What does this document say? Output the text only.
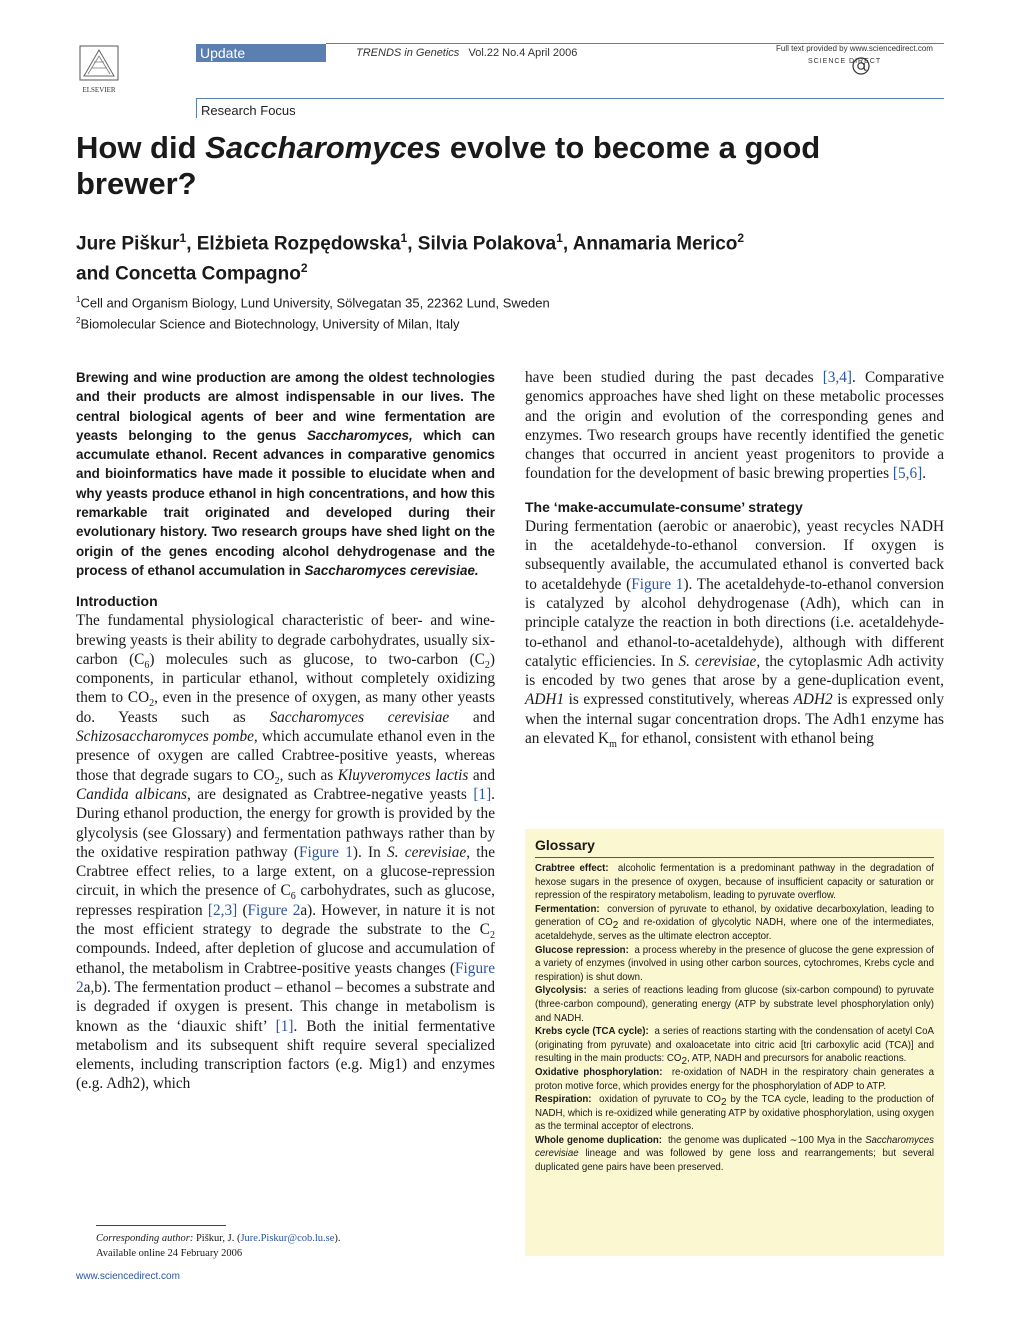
ELSEVIER
Update	TRENDS in Genetics Vol.22 No.4 April 2006	Full text provided by www.sciencedirect.com
SCIENCE DIRECT
Research Focus
How did Saccharomyces evolve to become a good brewer?
Jure Piškur$^1$, Elżbieta Rozpędowska$^1$, Silvia Polakova$^1$, Annamaria Merico$^2$
and Concetta Compagno$^2$
$^1$Cell and Organism Biology, Lund University, Sölvegatan 35, 22362 Lund, Sweden
$^2$Biomolecular Science and Biotechnology, University of Milan, Italy

Brewing and wine production are among the oldest technologies and their products are almost indispensable in our lives. The central biological agents of beer and wine fermentation are yeasts belonging to the genus Saccharomyces, which can accumulate ethanol. Recent advances in comparative genomics and bioinformatics have made it possible to elucidate when and why yeasts produce ethanol in high concentrations, and how this remarkable trait originated and developed during their evolutionary history. Two research groups have shed light on the origin of the genes encoding alcohol dehydrogenase and the process of ethanol accumulation in Saccharomyces cerevisiae.

Introduction

The fundamental physiological characteristic of beer- and wine-brewing yeasts is their ability to degrade carbohydrates, usually six-carbon $(C_6)$ molecules such as glucose, to two-carbon $(C_2)$ components, in particular ethanol, without completely oxidizing them to $CO_2$, even in the presence of oxygen, as many other yeasts do. Yeasts such as Saccharomyces cerevisiae and Schizosaccharomyces pombe, which accumulate ethanol even in the presence of oxygen are called Crabtree-positive yeasts, whereas those that degrade sugars to $CO_2$, such as Kluyveromyces lactis and Candida albicans, are designated as Crabtree-negative yeasts [1]. During ethanol production, the energy for growth is provided by the glycolysis (see Glossary) and fermentation pathways rather than by the oxidative respiration pathway (Figure 1). In S. cerevisiae, the Crabtree effect relies, to a large extent, on a glucose-repression circuit, in which the presence of $C_6$ carbohydrates, such as glucose, represses respiration [2,3] (Figure 2a). However, in nature it is not the most efficient strategy to degrade the substrate to the $C_2$ compounds. Indeed, after depletion of glucose and accumulation of ethanol, the metabolism in Crabtree-positive yeasts changes (Figure 2a,b). The fermentation product – ethanol – becomes a substrate and is degraded if oxygen is present. This change in metabolism is known as the ‘diauxic shift’ [1]. Both the initial fermentative metabolism and its subsequent shift require several specialized elements, including transcription factors (e.g. Mig1) and enzymes (e.g. Adh2), which

have been studied during the past decades [3,4]. Comparative genomics approaches have shed light on these metabolic processes and the origin and evolution of the corresponding genes and enzymes. Two research groups have recently identified the genetic changes that occurred in ancient yeast progenitors to provide a foundation for the development of basic brewing properties [5,6].

The ‘make-accumulate-consume’ strategy

During fermentation (aerobic or anaerobic), yeast recycles NADH in the acetaldehyde-to-ethanol conversion. If oxygen is subsequently available, the accumulated ethanol is converted back to acetaldehyde (Figure 1). The acetaldehyde-to-ethanol conversion is catalyzed by alcohol dehydrogenase (Adh), which can in principle catalyze the reaction in both directions (i.e. acetaldehyde-to-ethanol and ethanol-to-acetaldehyde), although with different catalytic efficiencies. In S. cerevisiae, the cytoplasmic Adh activity is encoded by two genes that arose by a gene-duplication event, ADH1 is expressed constitutively, whereas ADH2 is expressed only when the internal sugar concentration drops. The Adh1 enzyme has an elevated $K_m$ for ethanol, consistent with ethanol being

Glossary

Crabtree effect: alcoholic fermentation is a predominant pathway in the degradation of hexose sugars in the presence of oxygen, because of insufficient capacity or saturation or repression of the respiratory metabolism, leading to pyruvate overflow.

Fermentation: conversion of pyruvate to ethanol, by oxidative decarboxylation, leading to generation of $CO_2$ and re-oxidation of glycolytic NADH, where one of the intermediates, acetaldehyde, serves as the ultimate electron acceptor.

Glucose repression: a process whereby in the presence of glucose the gene expression of a variety of enzymes (involved in using other carbon sources, cytochromes, Krebs cycle and respiration) is shut down.

Glycolysis: a series of reactions leading from glucose (six-carbon compound) to pyruvate (three-carbon compound), generating energy (ATP by substrate level phosphorylation only) and NADH.

Krebs cycle (TCA cycle): a series of reactions starting with the condensation of acetyl CoA (originating from pyruvate) and oxaloacetate into citric acid [tri carboxylic acid (TCA)] and resulting in the main products: $CO_2$, ATP, NADH and precursors for anabolic reactions.

Oxidative phosphorylation: re-oxidation of NADH in the respiratory chain generates a proton motive force, which provides energy for the phosphorylation of ADP to ATP.

Respiration: oxidation of pyruvate to $CO_2$ by the TCA cycle, leading to the production of NADH, which is re-oxidized while generating ATP by oxidative phosphorylation, using oxygen as the terminal acceptor of electrons.

Whole genome duplication: the genome was duplicated ∼100 Mya in the Saccharomyces cerevisiae lineage and was followed by gene loss and rearrangements; but several duplicated gene pairs have been preserved.

Corresponding author: Piškur, J. (Jure.Piskur@cob.lu.se).
Available online 24 February 2006
www.sciencedirect.com
